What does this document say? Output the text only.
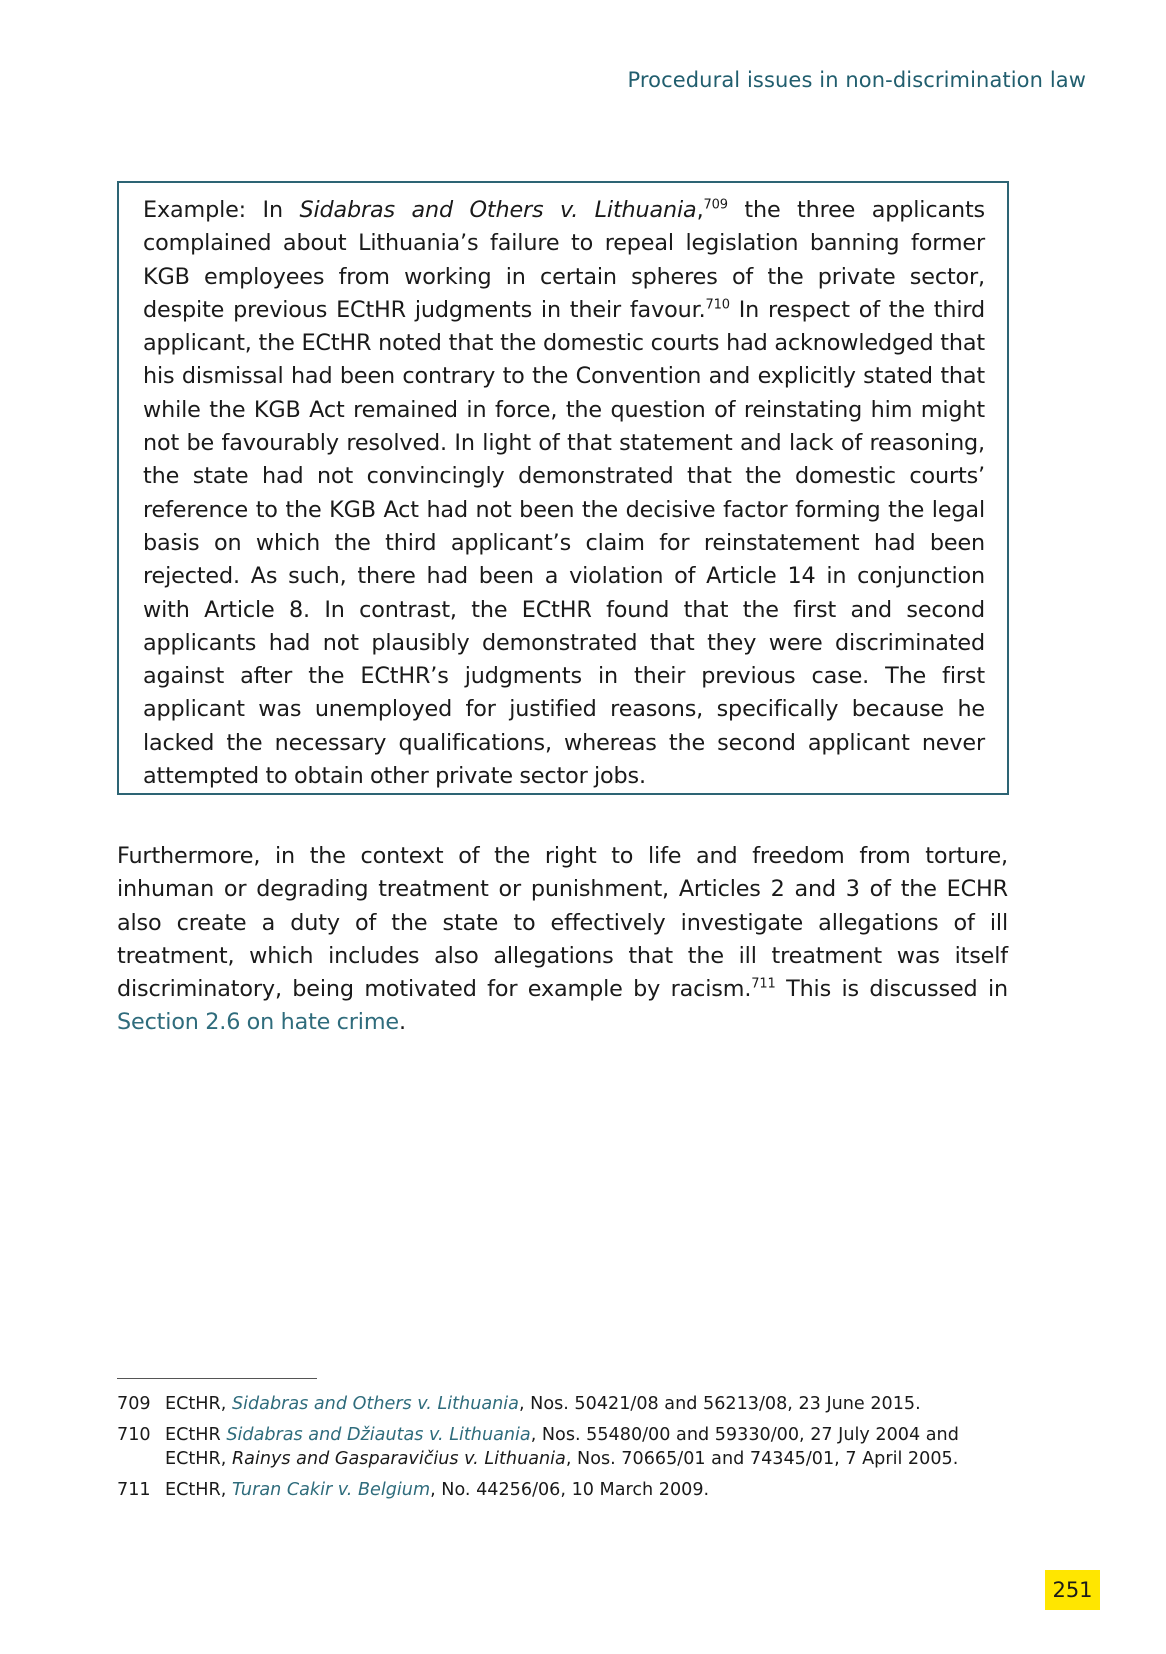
Procedural issues in non-discrimination law

Example: In Sidabras and Others v. Lithuania,$^{709}$ the three applicants complained about Lithuania’s failure to repeal legislation banning former KGB employees from working in certain spheres of the private sector, despite previous ECtHR judgments in their favour.$^{710}$ In respect of the third applicant, the ECtHR noted that the domestic courts had acknowledged that his dismissal had been contrary to the Convention and explicitly stated that while the KGB Act remained in force, the question of reinstating him might not be favourably resolved. In light of that statement and lack of reasoning, the state had not convincingly demonstrated that the domestic courts’ reference to the KGB Act had not been the decisive factor forming the legal basis on which the third applicant’s claim for reinstatement had been rejected. As such, there had been a violation of Article 14 in conjunction with Article 8. In contrast, the ECtHR found that the first and second applicants had not plausibly demonstrated that they were discriminated against after the ECtHR’s judgments in their previous case. The first applicant was unemployed for justified reasons, specifically because he lacked the necessary qualifications, whereas the second applicant never attempted to obtain other private sector jobs.

Furthermore, in the context of the right to life and freedom from torture, inhuman or degrading treatment or punishment, Articles 2 and 3 of the ECHR also create a duty of the state to effectively investigate allegations of ill treatment, which includes also allegations that the ill treatment was itself discriminatory, being motivated for example by racism.$^{711}$ This is discussed in Section 2.6 on hate crime.

709 ECtHR, Sidabras and Others v. Lithuania, Nos. 50421/08 and 56213/08, 23 June 2015.
710 ECtHR Sidabras and Džiautas v. Lithuania, Nos. 55480/00 and 59330/00, 27 July 2004 and
ECtHR, Rainys and Gasparavičius v. Lithuania, Nos. 70665/01 and 74345/01, 7 April 2005.
711 ECtHR, Turan Cakir v. Belgium, No. 44256/06, 10 March 2009.
251
